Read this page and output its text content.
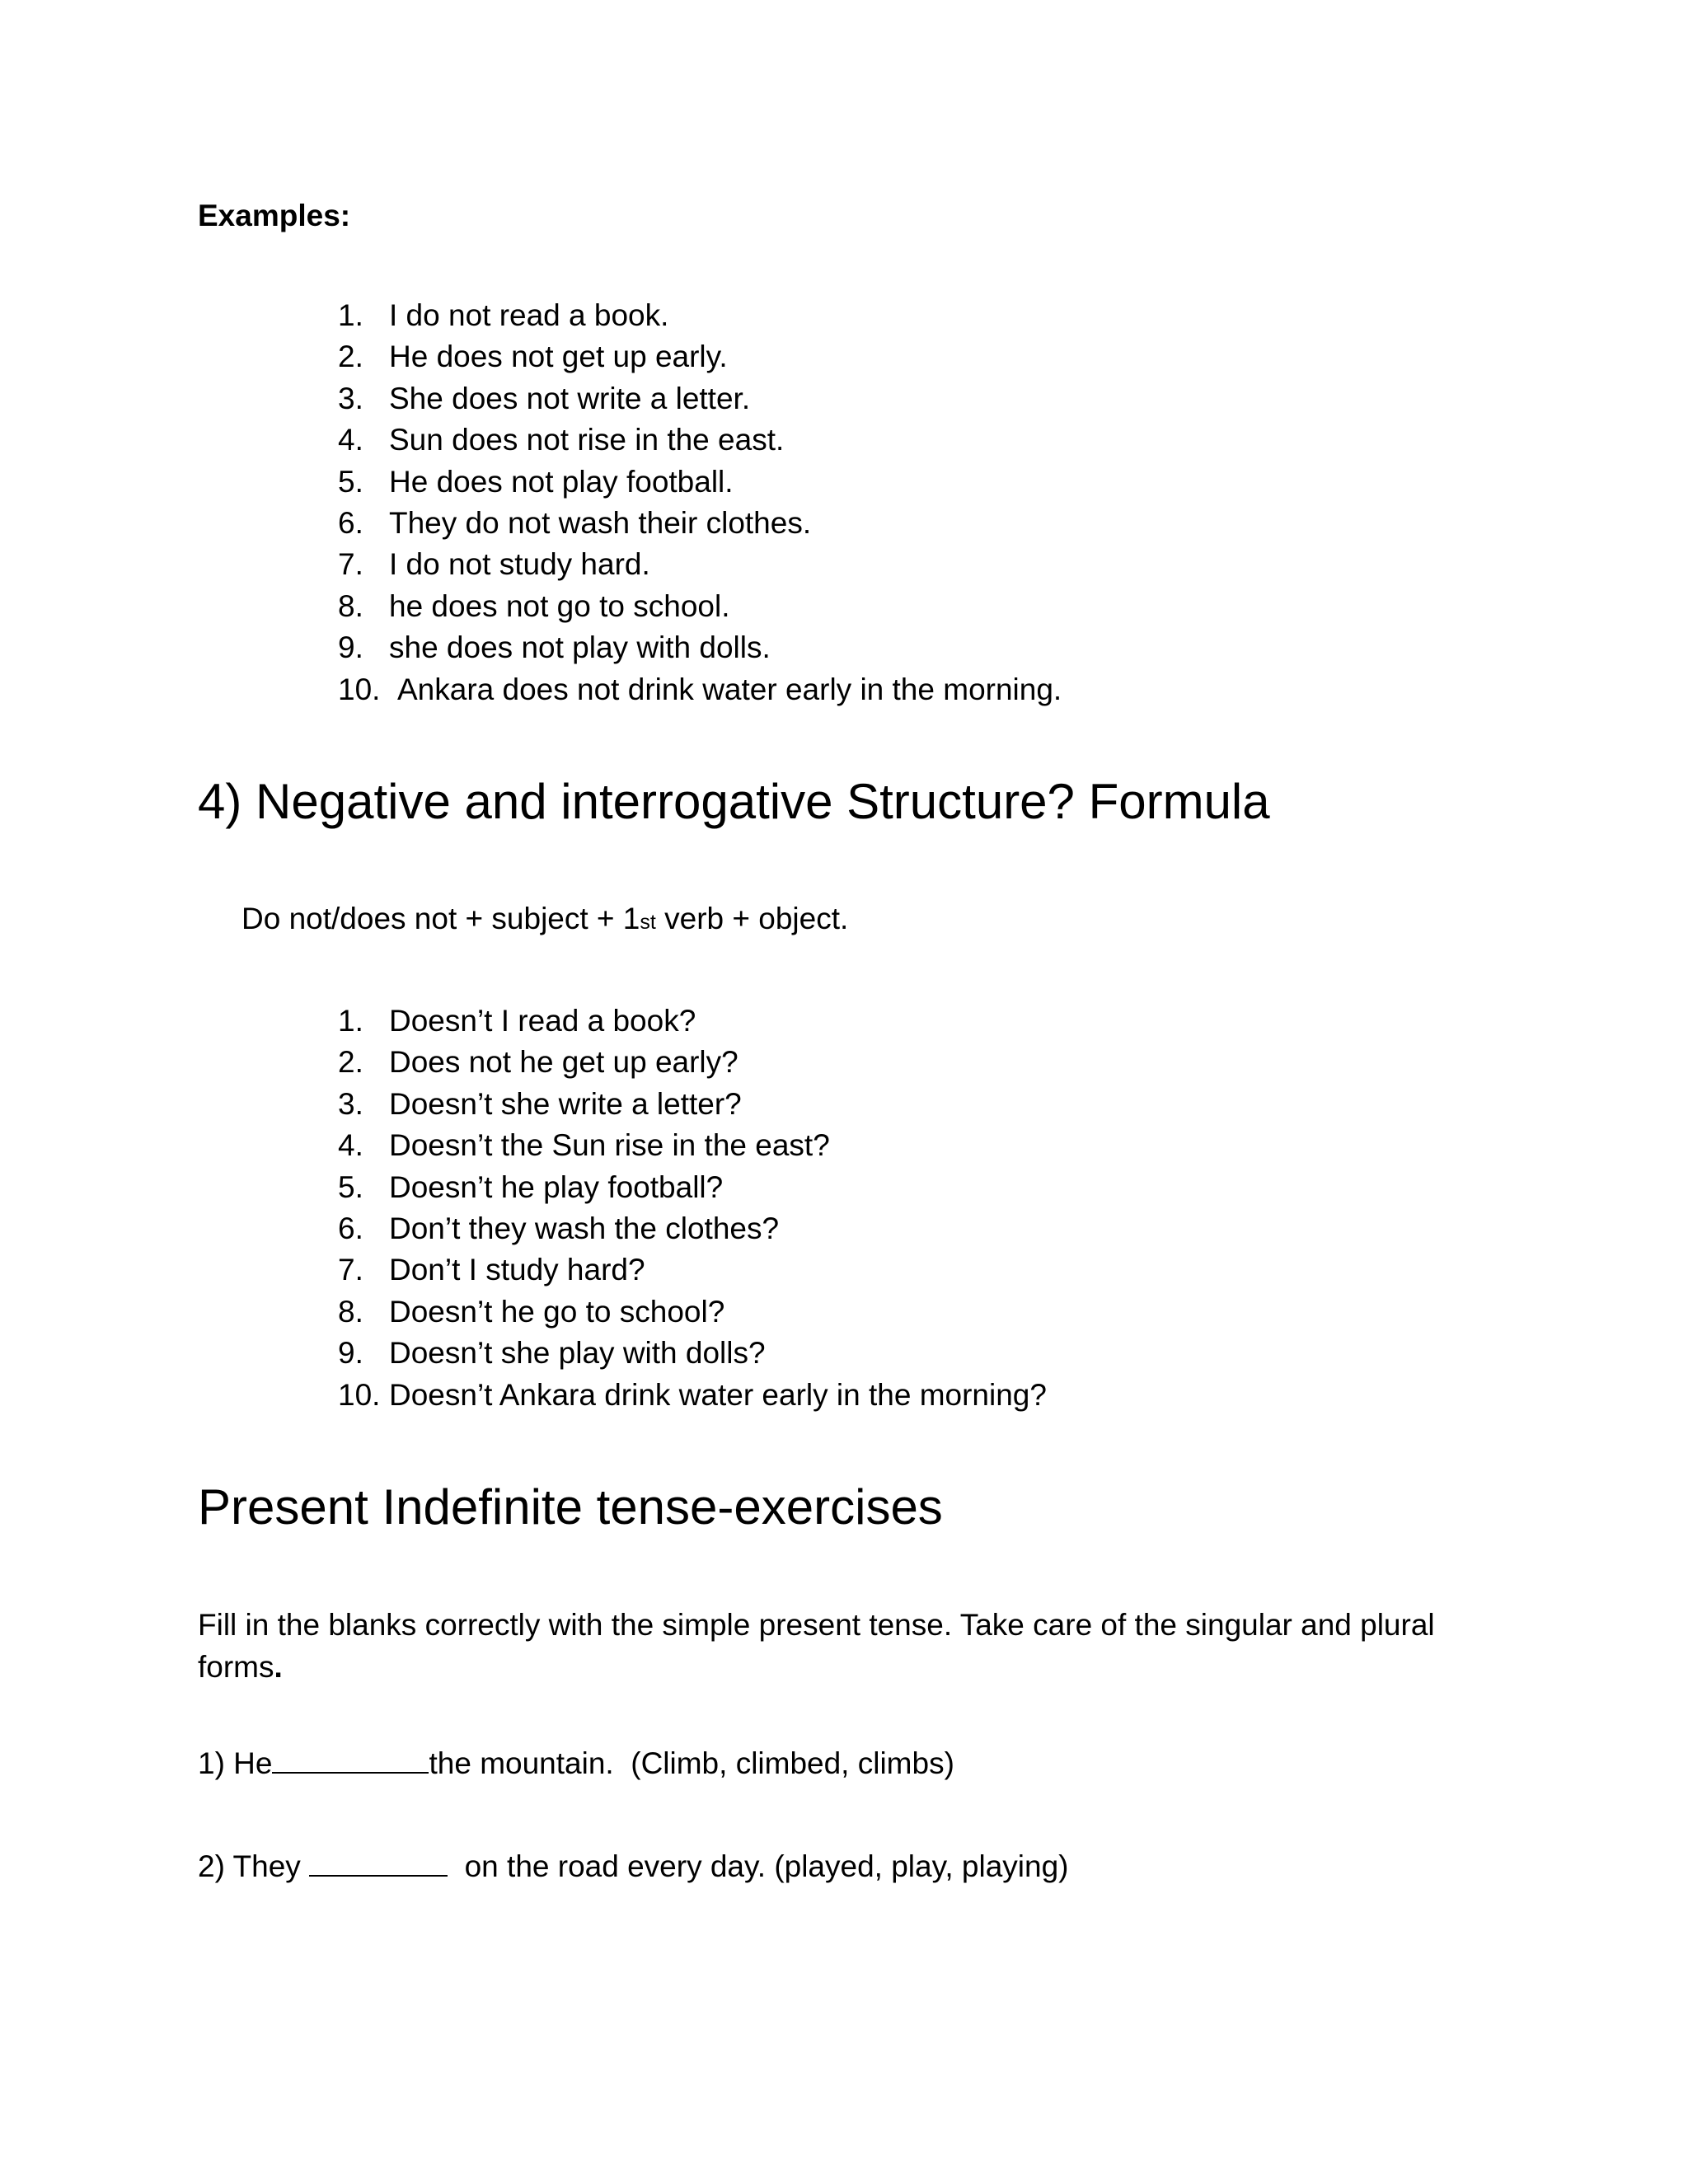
Examples:

1. I do not read a book.
2. He does not get up early.
3. She does not write a letter.
4. Sun does not rise in the east.
5. He does not play football.
6. They do not wash their clothes.
7. I do not study hard.
8. he does not go to school.
9. she does not play with dolls.
10. Ankara does not drink water early in the morning.
4) Negative and interrogative Structure? Formula

Do not/does not + subject + 1st verb + object.

1. Doesn’t I read a book?
2. Does not he get up early?
3. Doesn’t she write a letter?
4. Doesn’t the Sun rise in the east?
5. Doesn’t he play football?
6. Don’t they wash the clothes?
7. Don’t I study hard?
8. Doesn’t he go to school?
9. Doesn’t she play with dolls?
10. Doesn’t Ankara drink water early in the morning?
Present Indefinite tense-exercises

Fill in the blanks correctly with the simple present tense. Take care of the singular and plural forms.

1) He	the mountain.  (Climb, climbed, climbs)

2) They	on the road every day. (played, play, playing)
